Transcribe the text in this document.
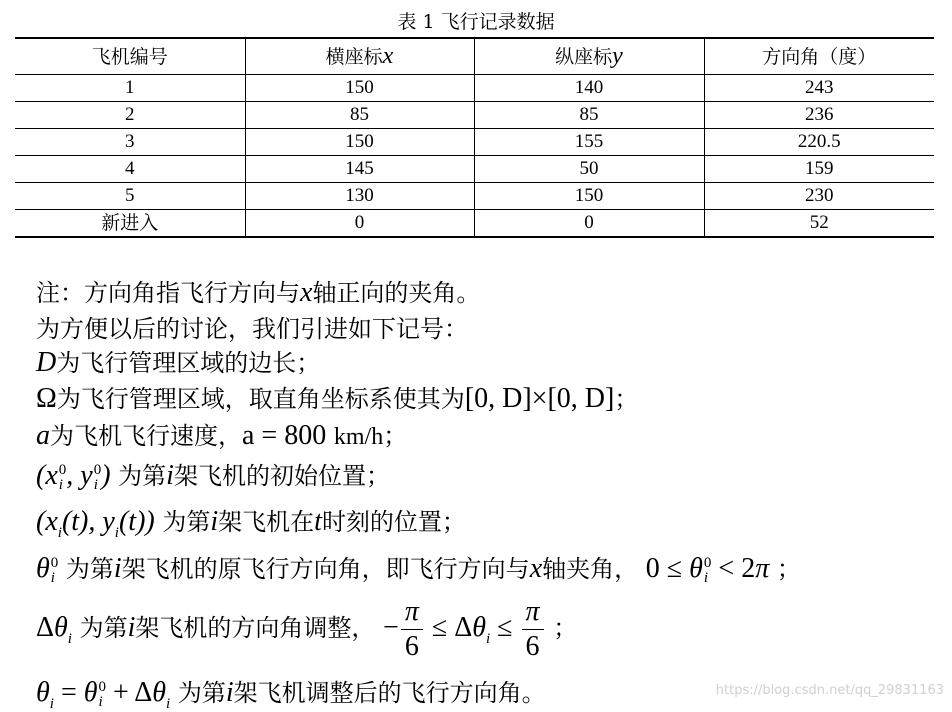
表 1 飞行记录数据
飞机编号	横座标x	纵座标y	方向角（度）
1	150	140	243
2	85	85	236
3	150	155	220.5
4	145	50	159
5	130	150	230
新进入	0	0	52
注：方向角指飞行方向与x轴正向的夹角。
为方便以后的讨论，我们引进如下记号：
D为飞行管理区域的边长；
Ω为飞行管理区域，取直角坐标系使其为[0, D]×[0, D]；
a为飞机飞行速度，a = 800 km/h；
(x 0
i , y 0
i ) 为第i架飞机的初始位置；
($x_i(t)$, $y_i(t)$) 为第i架飞机在t时刻的位置；
θ 0
i 为第i架飞机的原飞行方向角，即飞行方向与x轴夹角， 0 ≤ θ 0
i < 2π ；
$\Delta\theta_i$ 为第i架飞机的方向角调整， − $\frac{\pi}{6} \le \Delta\theta_i \le \frac{\pi}{6}$ ；
$\theta_i = \theta$ 0
$i + \Delta\theta_i$ 为第i架飞机调整后的飞行方向角。	https://blog.csdn.net/qq_29831163
